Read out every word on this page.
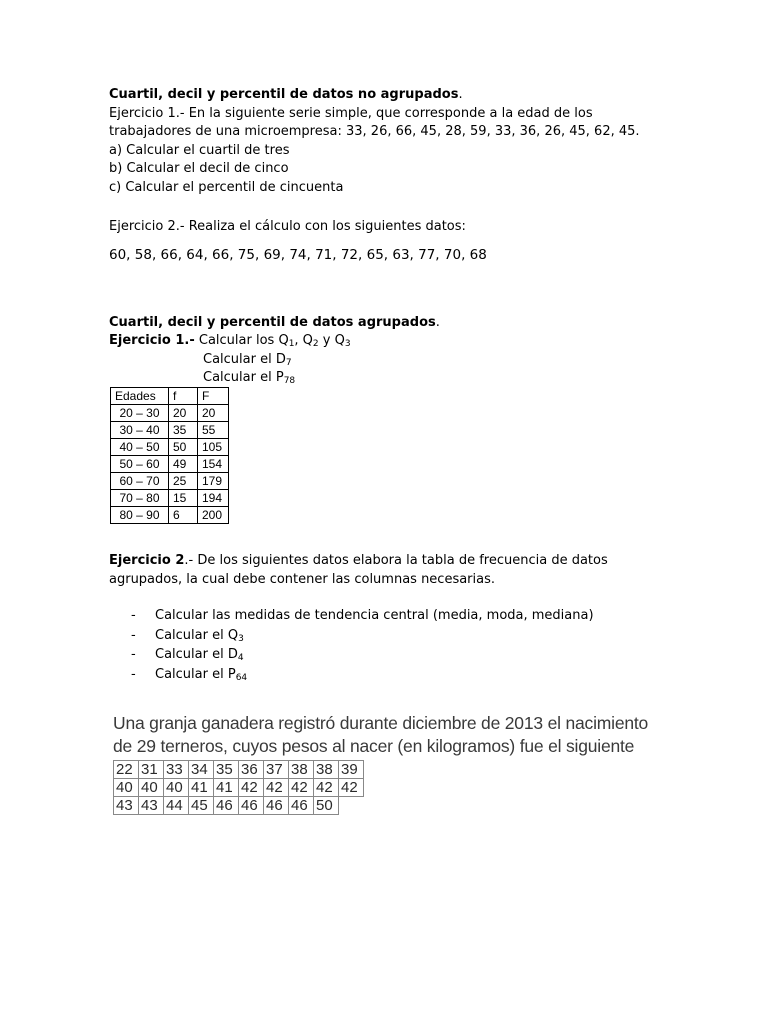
Cuartil, decil y percentil de datos no agrupados.
Ejercicio 1.- En la siguiente serie simple, que corresponde a la edad de los
trabajadores de una microempresa: 33, 26, 66, 45, 28, 59, 33, 36, 26, 45, 62, 45.
a) Calcular el cuartil de tres
b) Calcular el decil de cinco
c) Calcular el percentil de cincuenta
Ejercicio 2.- Realiza el cálculo con los siguientes datos:
60, 58, 66, 64, 66, 75, 69, 74, 71, 72, 65, 63, 77, 70, 68
Cuartil, decil y percentil de datos agrupados.
Ejercicio 1.- Calcular los $Q_1$, $Q_2$ y $Q_3$
Calcular el $D_7$
Calcular el $P_{78}$
Edades	f	F
20 – 30	20	20
30 – 40	35	55
40 – 50	50	105
50 – 60	49	154
60 – 70	25	179
70 – 80	15	194
80 – 90	6	200
Ejercicio 2.- De los siguientes datos elabora la tabla de frecuencia de datos
agrupados, la cual debe contener las columnas necesarias.
- Calcular las medidas de tendencia central (media, moda, mediana)
- Calcular el $Q_3$
- Calcular el $D_4$
- Calcular el $P_{64}$
Una granja ganadera registró durante diciembre de 2013 el nacimiento
de 29 terneros, cuyos pesos al nacer (en kilogramos) fue el siguiente
22	31	33	34	35	36	37	38	38	39
40	40	40	41	41	42	42	42	42	42
43	43	44	45	46	46	46	46	50	
